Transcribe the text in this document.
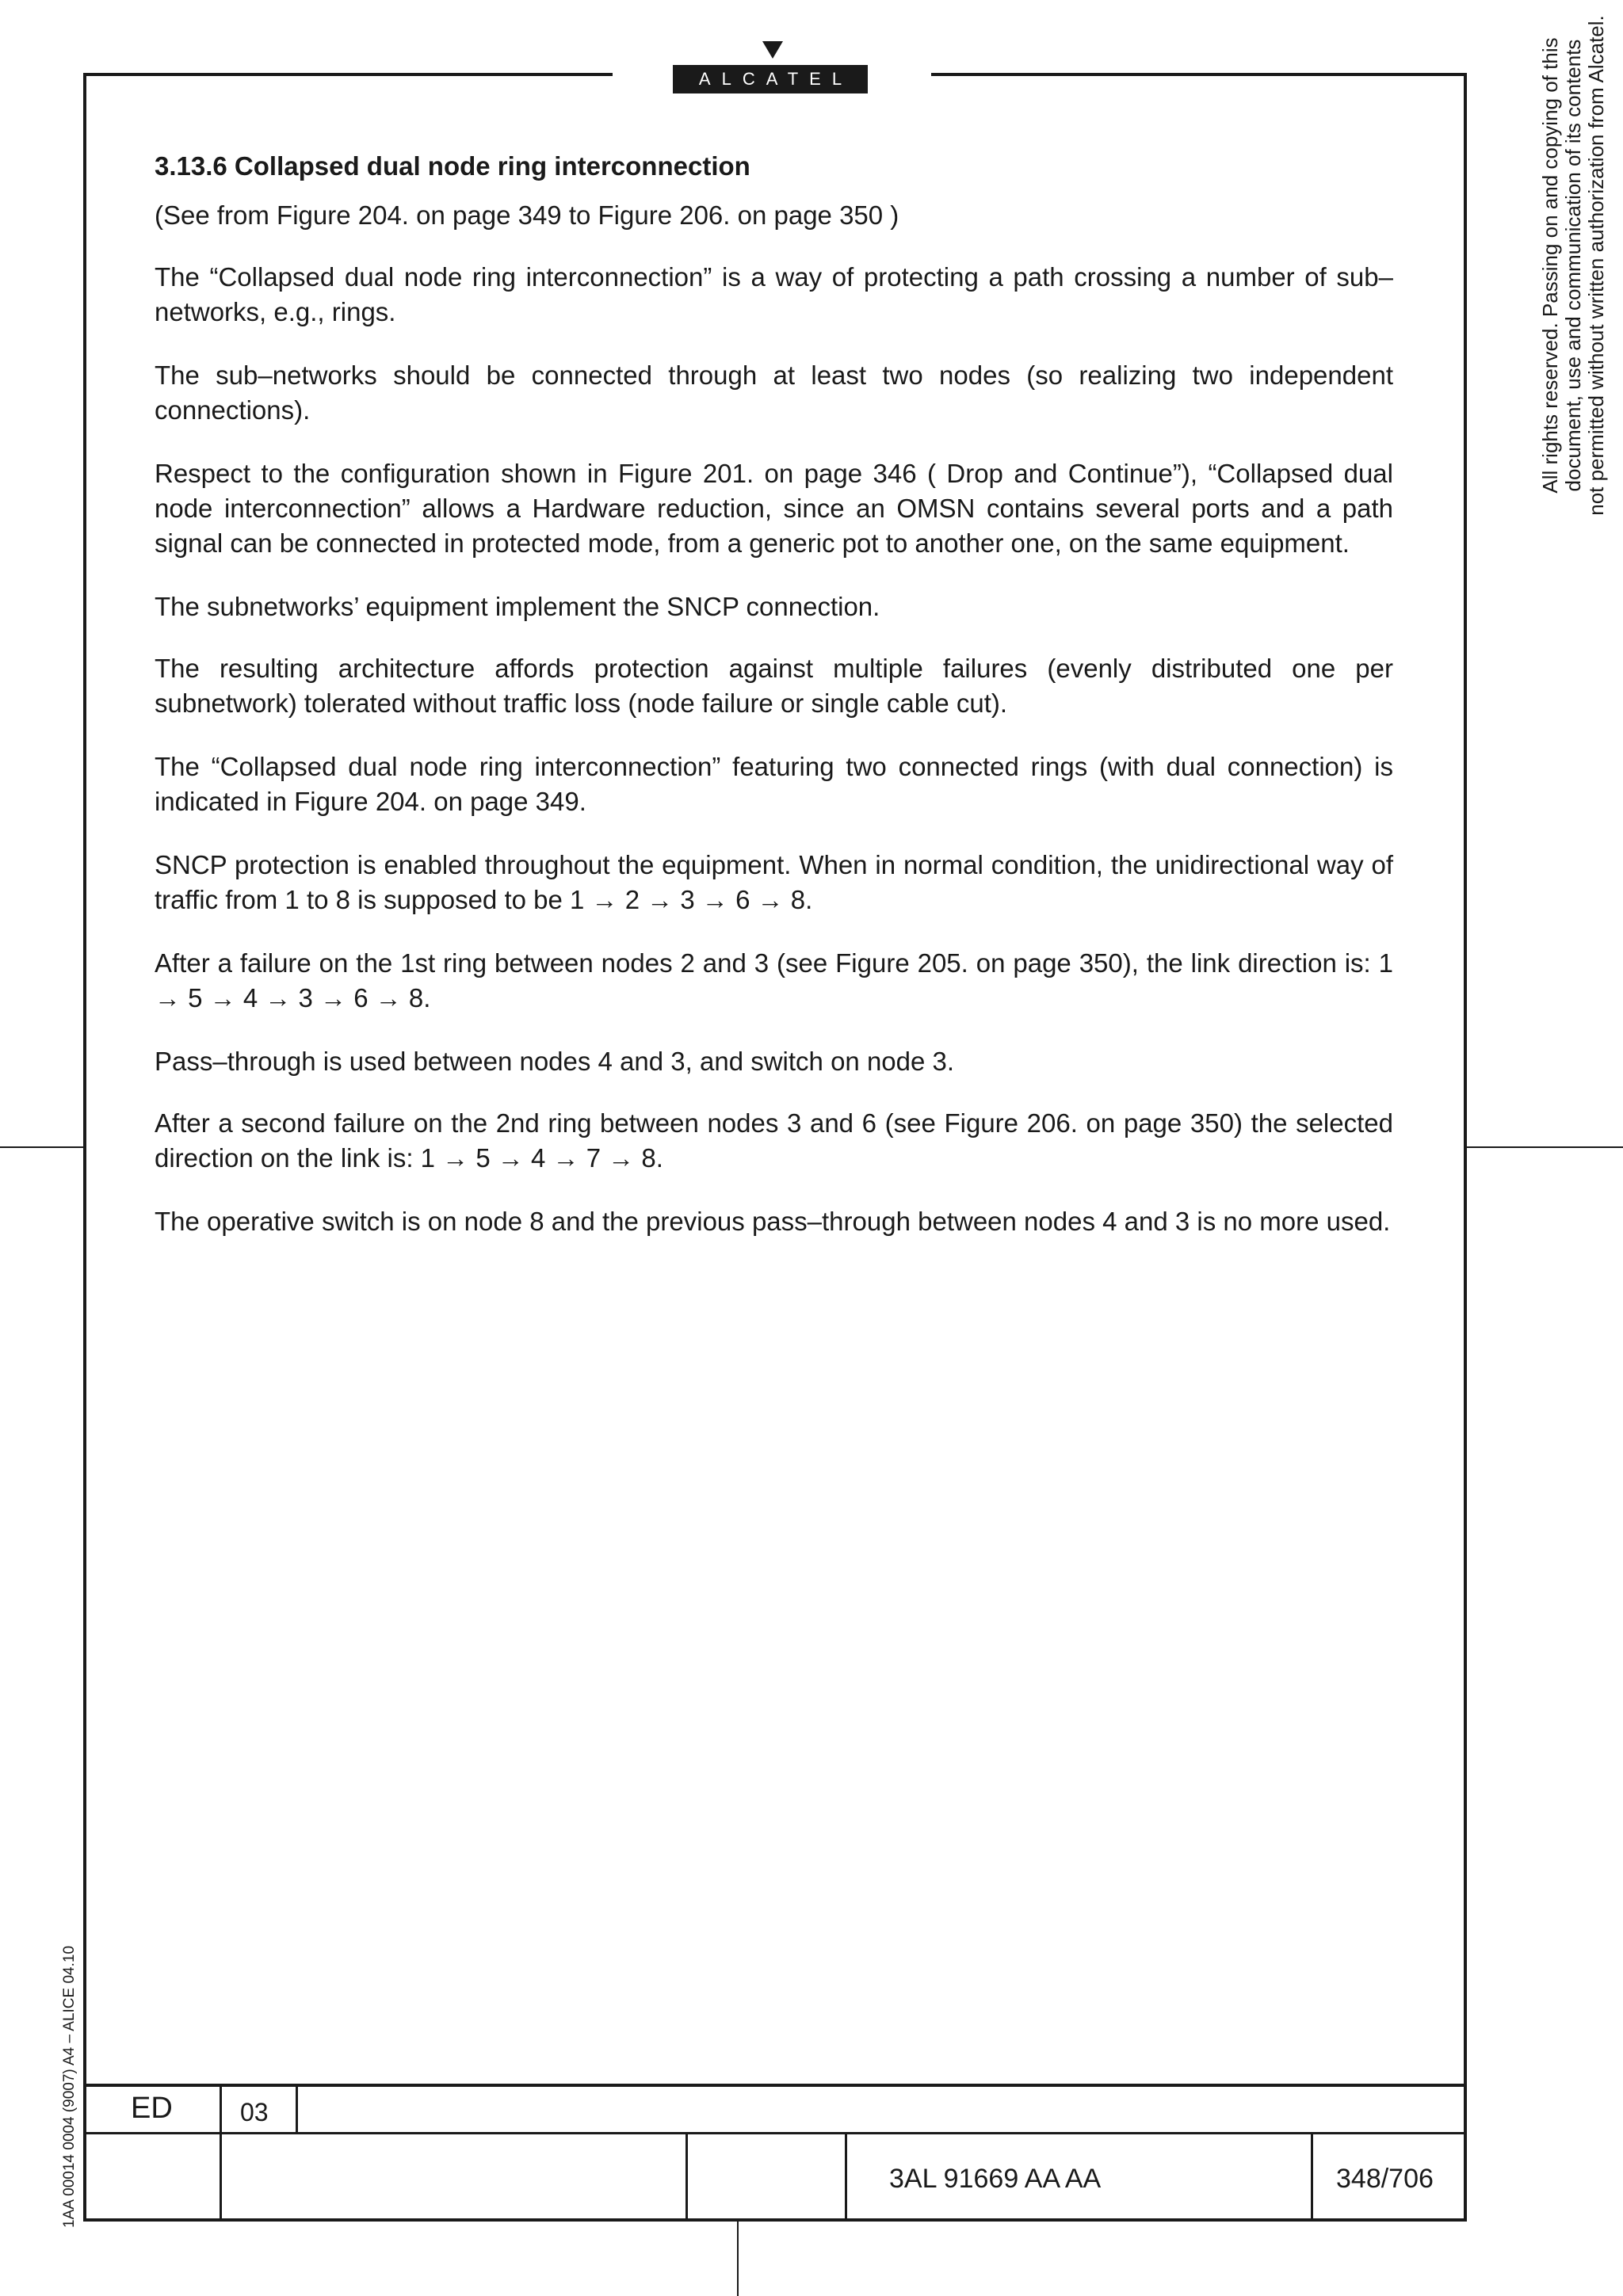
ALCATEL
3.13.6 Collapsed dual node ring interconnection

(See from Figure 204. on page 349 to Figure 206. on page 350 )

The “Collapsed dual node ring interconnection” is a way of protecting a path crossing a number of sub–networks, e.g., rings.

The sub–networks should be connected through at least two nodes (so realizing two independent connections).

Respect to the configuration shown in Figure 201. on page 346 ( Drop and Continue”), “Collapsed dual node interconnection” allows a Hardware reduction, since an OMSN contains several ports and a path signal can be connected in protected mode, from a generic pot to another one, on the same equipment.

The subnetworks’ equipment implement the SNCP connection.

The resulting architecture affords protection against multiple failures (evenly distributed one per subnetwork) tolerated without traffic loss (node failure or single cable cut).

The “Collapsed dual node ring interconnection” featuring two connected rings (with dual connection) is indicated in Figure 204. on page 349.

SNCP protection is enabled throughout the equipment. When in normal condition, the unidirectional way of traffic from 1 to 8 is supposed to be 1 → 2 → 3 → 6 → 8.

After a failure on the 1st ring between nodes 2 and 3 (see Figure 205. on page 350), the link direction is: 1 → 5 → 4 → 3 → 6 → 8.

Pass–through is used between nodes 4 and 3, and switch on node 3.

After a second failure on the 2nd ring between nodes 3 and 6 (see Figure 206. on page 350) the selected direction on the link is: 1 → 5 → 4 → 7 → 8.

The operative switch is on node 8 and the previous pass–through between nodes 4 and 3 is no more used.

All rights reserved. Passing on and copying of this document, use and communication of its contents not permitted without written authorization from Alcatel.
1AA 00014 0004 (9007) A4 – ALICE 04.10 ED	03
3AL 91669 AA AA	348/706
